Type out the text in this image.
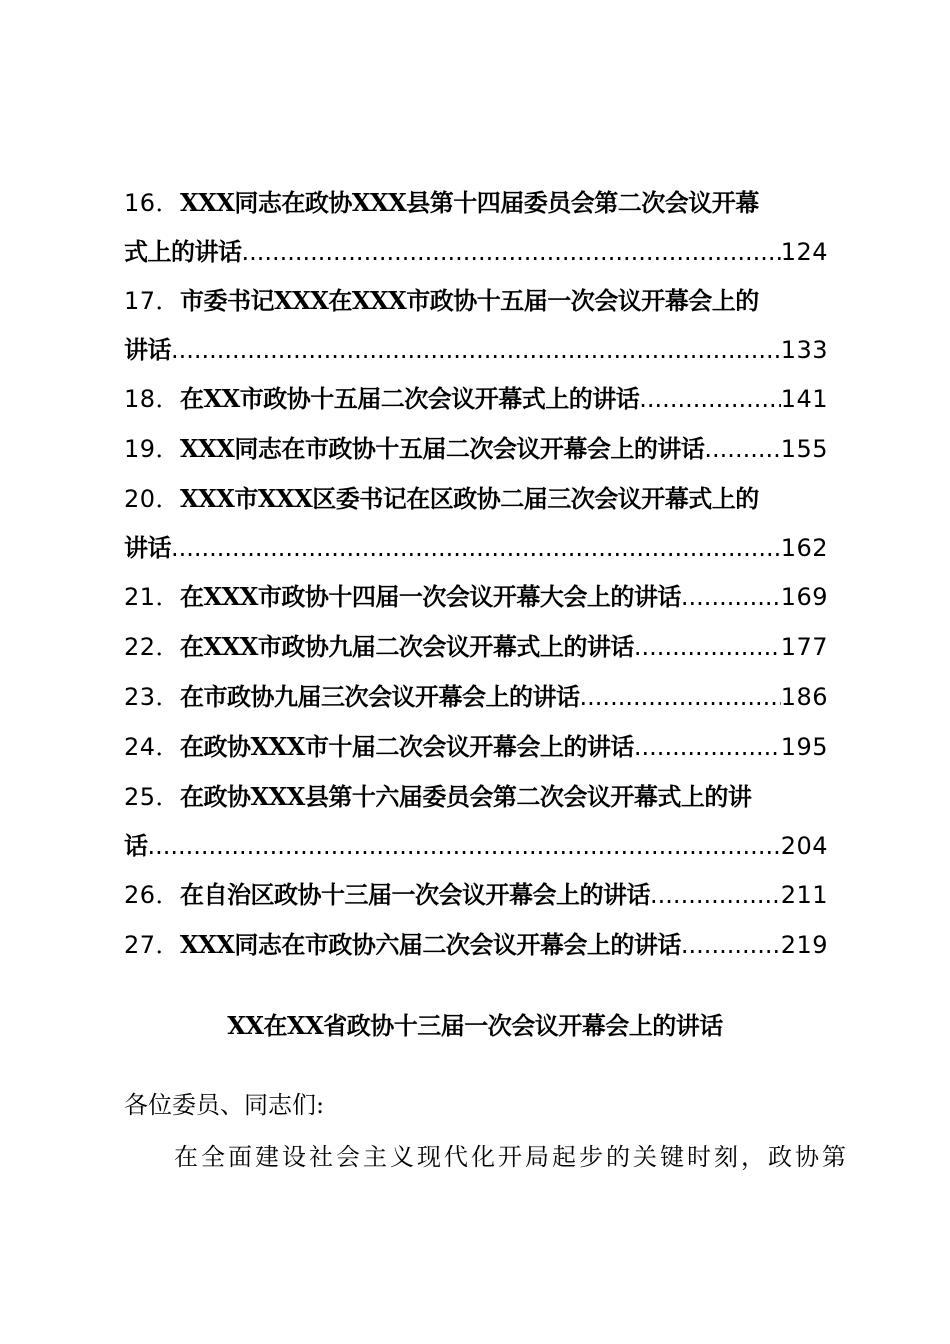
16． XXX同志在政协XXX县第十四届委员会第二次会议开幕
式上的讲话 .....	124
17． 市委书记XXX在XXX市政协十五届一次会议开幕会上的
讲话 .....	133
18． 在XX市政协十五届二次会议开幕式上的讲话 .....	141
19． XXX同志在市政协十五届二次会议开幕会上的讲话 .....	155
20． XXX市XXX区委书记在区政协二届三次会议开幕式上的
讲话 .....	162
21． 在XXX市政协十四届一次会议开幕大会上的讲话 .....	169
22． 在XXX市政协九届二次会议开幕式上的讲话 .....	177
23． 在市政协九届三次会议开幕会上的讲话 .....	186
24． 在政协XXX市十届二次会议开幕会上的讲话 .....	195
25． 在政协XXX县第十六届委员会第二次会议开幕式上的讲
话 .....	204
26． 在自治区政协十三届一次会议开幕会上的讲话 .....	211
27． XXX同志在市政协六届二次会议开幕会上的讲话 .....	219
XX在XX省政协十三届一次会议开幕会上的讲话
各位委员、同志们:
在全面建设社会主义现代化开局起步的关键时刻，政协第
